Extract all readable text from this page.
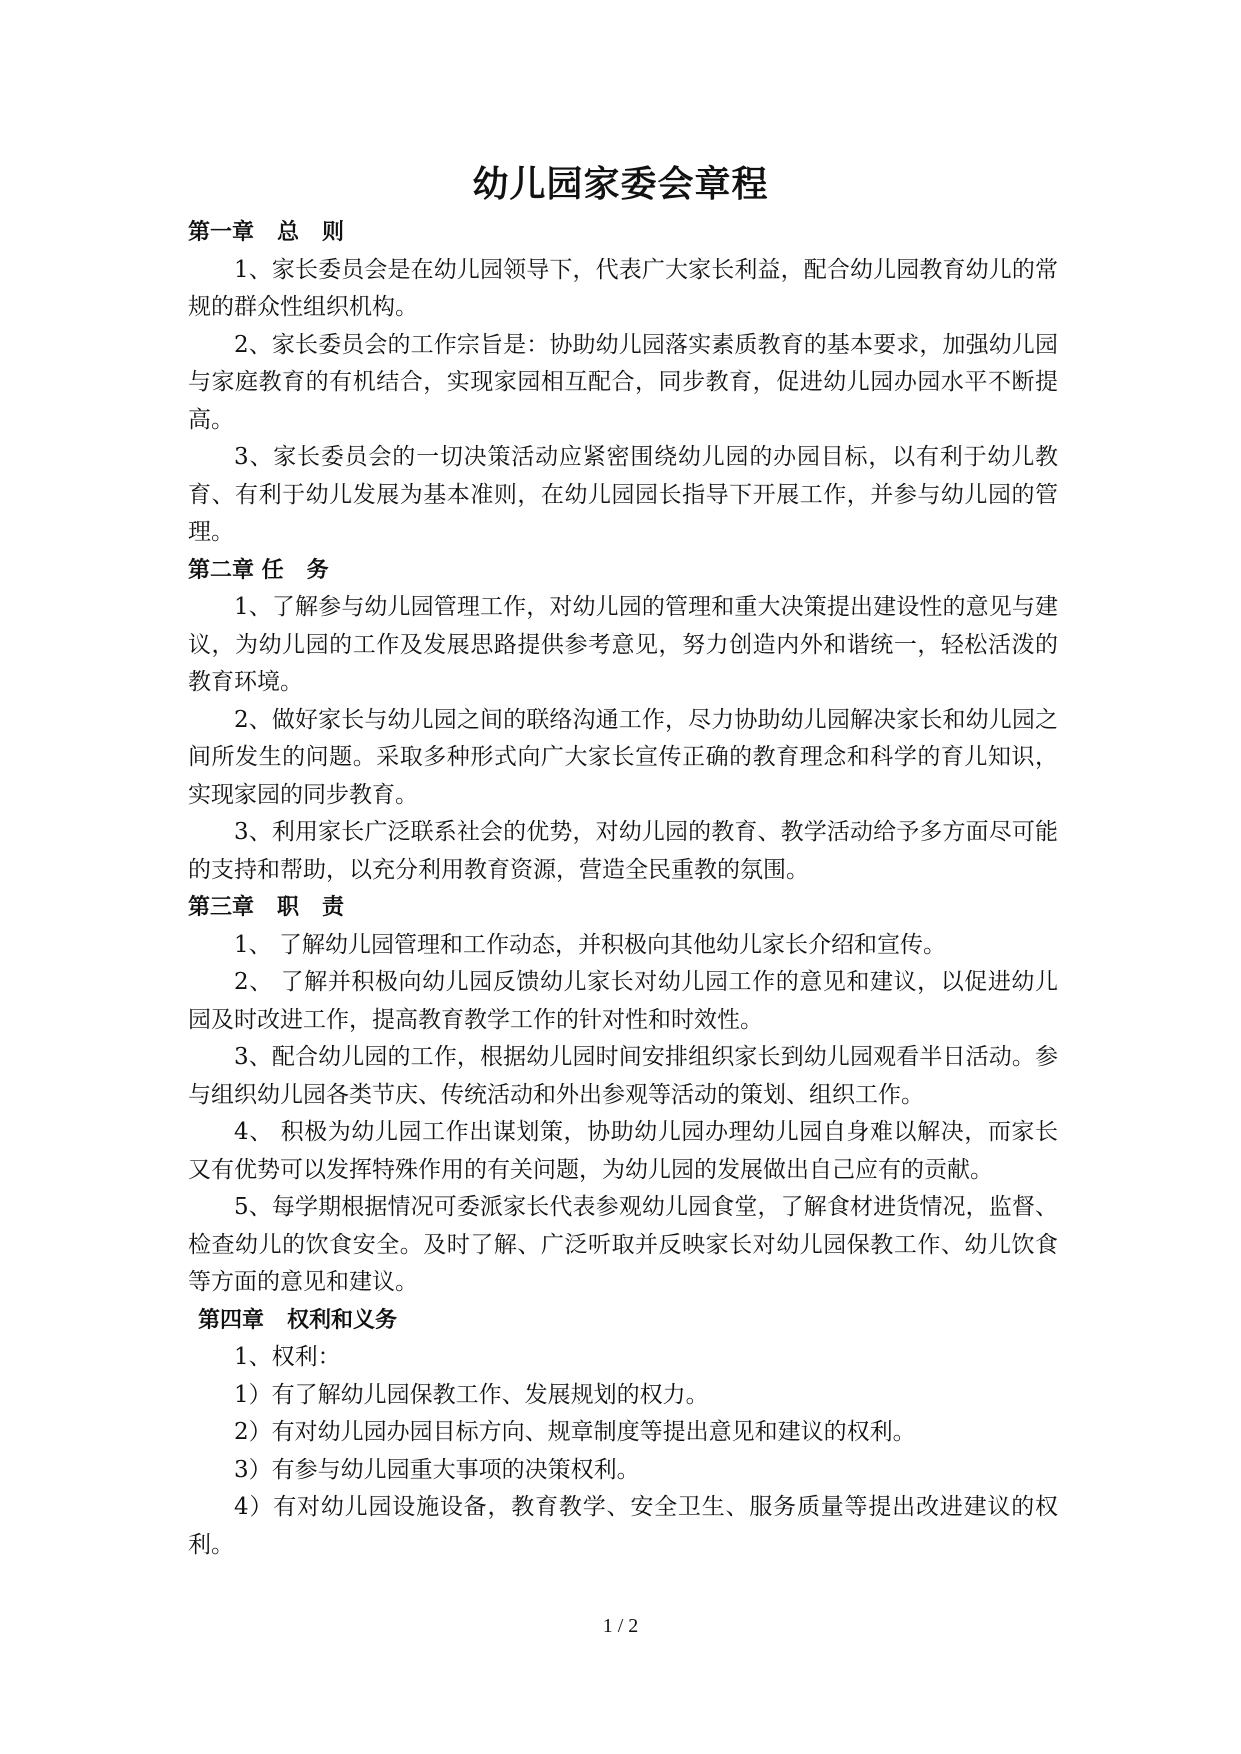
幼儿园家委会章程
第一章   总   则

1、家长委员会是在幼儿园领导下，代表广大家长利益，配合幼儿园教育幼儿的常规的群众性组织机构。

2、家长委员会的工作宗旨是：协助幼儿园落实素质教育的基本要求，加强幼儿园与家庭教育的有机结合，实现家园相互配合，同步教育，促进幼儿园办园水平不断提高。

3、家长委员会的一切决策活动应紧密围绕幼儿园的办园目标，以有利于幼儿教育、有利于幼儿发展为基本准则，在幼儿园园长指导下开展工作，并参与幼儿园的管理。

第二章 任   务

1、了解参与幼儿园管理工作，对幼儿园的管理和重大决策提出建设性的意见与建议，为幼儿园的工作及发展思路提供参考意见，努力创造内外和谐统一，轻松活泼的教育环境。

2、做好家长与幼儿园之间的联络沟通工作，尽力协助幼儿园解决家长和幼儿园之间所发生的问题。采取多种形式向广大家长宣传正确的教育理念和科学的育儿知识，实现家园的同步教育。

3、利用家长广泛联系社会的优势，对幼儿园的教育、教学活动给予多方面尽可能的支持和帮助，以充分利用教育资源，营造全民重教的氛围。

第三章   职   责

1、 了解幼儿园管理和工作动态，并积极向其他幼儿家长介绍和宣传。

2、 了解并积极向幼儿园反馈幼儿家长对幼儿园工作的意见和建议，以促进幼儿园及时改进工作，提高教育教学工作的针对性和时效性。

3、配合幼儿园的工作，根据幼儿园时间安排组织家长到幼儿园观看半日活动。参与组织幼儿园各类节庆、传统活动和外出参观等活动的策划、组织工作。

4、 积极为幼儿园工作出谋划策，协助幼儿园办理幼儿园自身难以解决，而家长又有优势可以发挥特殊作用的有关问题，为幼儿园的发展做出自己应有的贡献。

5、每学期根据情况可委派家长代表参观幼儿园食堂，了解食材进货情况，监督、检查幼儿的饮食安全。及时了解、广泛听取并反映家长对幼儿园保教工作、幼儿饮食等方面的意见和建议。

第四章   权利和义务

1、权利：

1）有了解幼儿园保教工作、发展规划的权力。

2）有对幼儿园办园目标方向、规章制度等提出意见和建议的权利。

3）有参与幼儿园重大事项的决策权利。

4）有对幼儿园设施设备，教育教学、安全卫生、服务质量等提出改进建议的权利。

1 / 2
